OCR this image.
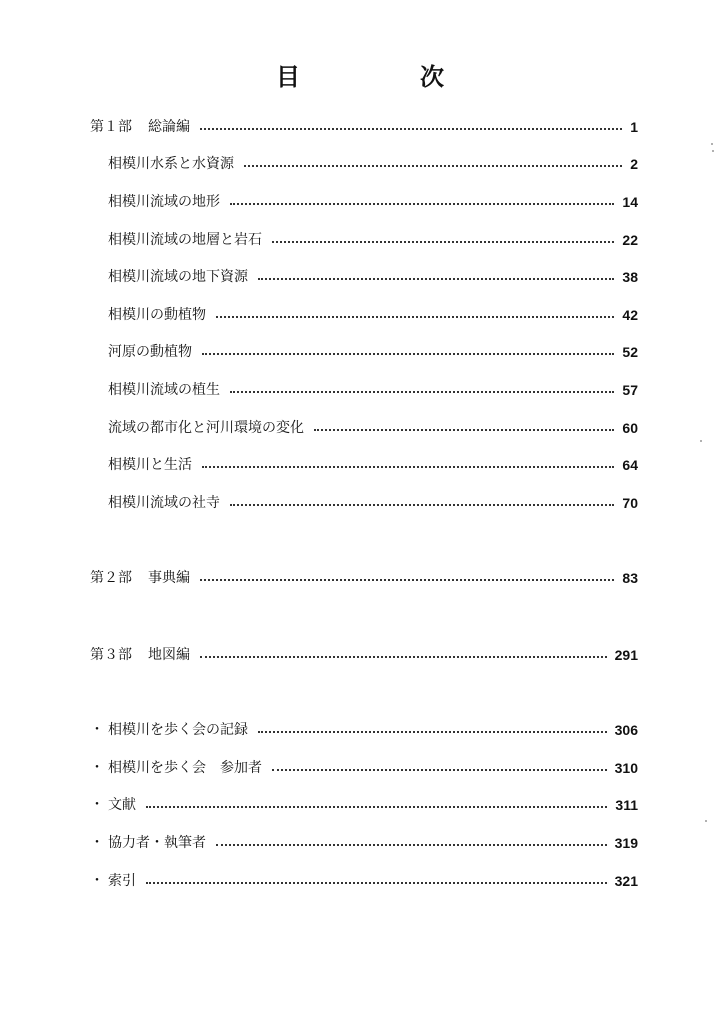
目	次
第１部 総論編	1
相模川水系と水資源	2
相模川流域の地形	14
相模川流域の地層と岩石	22
相模川流域の地下資源	38
相模川の動植物	42
河原の動植物	52
相模川流域の植生	57
流域の都市化と河川環境の変化	60
相模川と生活	64
相模川流域の社寺	70
第２部 事典編	83
第３部 地図編	291
・ 相模川を歩く会の記録	306
・ 相模川を歩く会　参加者	310
・ 文献	311
・ 協力者・執筆者	319
・ 索引	321
